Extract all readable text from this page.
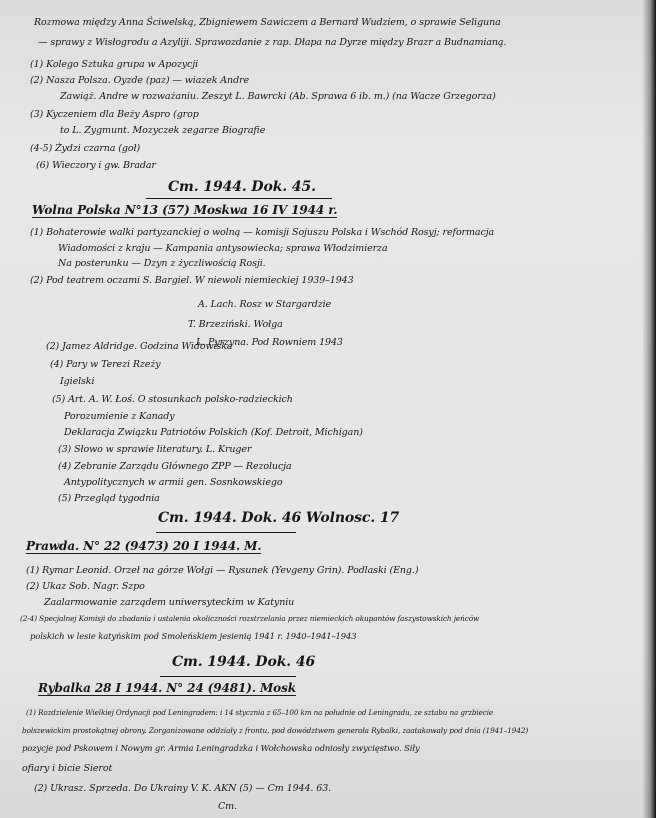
Rozmowa między Anna Ściwelską, Zbigniewem Sawiczem a Bernard Wudziem, o sprawie Seliguna
— sprawy z Wisłogrodu a Azyliji. Sprawozdanie z rap. Dłapa na Dyrze między Brazr a Budnamianą.
(1) Kolego Sztuka grupa w Apozycji
(2) Nasza Polsza. Oyzde (paz) — wiazek Andre
Zawiąż. Andre w rozważaniu. Zeszyt L. Bawrcki (Ab. Sprawa 6 ib. m.) (na Wacze Grzegorza)
(3) Kyczeniem dla Beży Aspro (grop
to L. Zygmunt. Mozyczek zegarze Biografie
(4-5) Żydzi czarna (goł)
(6) Wieczory i gw. Bradar
Cm. 1944. Dok. 45.
Wolna Polska N°13 (57) Moskwa 16 IV 1944 r.
(1) Bohaterowie walki partyzanckiej o wolną — komisji Sojuszu Polska i Wschód Rosyj; reformacja
Wiadomości z kraju — Kampania antysowiecka; sprawa Włodzimierza
Na posterunku — Dzyn z życzliwością Rosji.
(2) Pod teatrem oczami S. Bargiel. W niewoli niemieckiej 1939–1943
A. Lach. Rosz w Stargardzie
T. Brzeziński. Wołga
L. Pyrzyna. Pod Rowniem 1943
(2) Jamez Aldridge. Godzina Widowiska
(4) Pary w Terezi Rzeży
Igielski
(5) Art. A. W. Łoś. O stosunkach polsko-radzieckich
Porozumienie z Kanady
Deklaracja Związku Patriotów Polskich (Kof. Detroit, Michigan)
(3) Słowo w sprawie literatury. L. Kruger
(4) Zebranie Zarządu Głównego ZPP — Rezolucja
Antypolitycznych w armii gen. Sosnkowskiego
(5) Przegląd tygodnia
Cm. 1944. Dok. 46 Wolnosc. 17
Prawda. N° 22 (9473) 20 I 1944. M.
(1) Rymar Leonid. Orzeł na górze Wołgi — Rysunek (Yevgeny Grin). Podlaski (Eng.)
(2) Ukaz Sob. Nagr. Szpo
Zaalarmowanie zarządem uniwersyteckim w Katyniu
(2-4) Specjalnej Komisji do zbadania i ustalenia okoliczności rozstrzelania przez niemieckich okupantów faszystowskich jeńców
polskich w lesie katyńskim pod Smoleńskiem jesienią 1941 r. 1940–1941–1943
Cm. 1944. Dok. 46
Rybalka 28 I 1944. N° 24 (9481). Mosk
(1) Rozdzielenie Wielkiej Ordynacji pod Leningradem: i 14 stycznia z 65–100 km na południe od Leningradu, ze sztabu na grzbiecie
bolszewickim prostokątnej obrony. Zorganizowane oddziały z frontu, pod dowództwem generała Rybalki, zaatakowały pod dnia (1941–1942)
pozycje pod Pskowem i Nowym gr. Armia Leningradzka i Wołchowska odniosły zwycięstwo. Siły
ofiary i bicie Sierot
(2) Ukrasz. Sprzeda. Do Ukrainy V. K. AKN (5) — Cm 1944. 63.
Cm.
